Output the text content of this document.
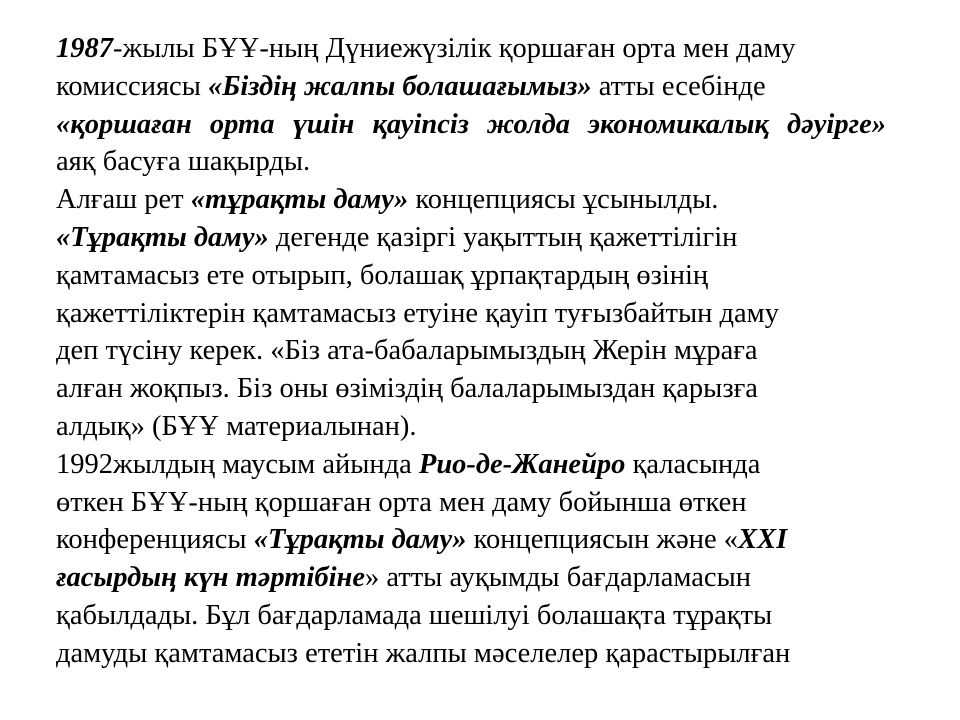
1987-жылы БҰҰ-ның Дүниежүзілік қоршаған орта мен даму
комиссиясы «Біздің жалпы болашағымыз» атты есебінде
«қоршаған орта үшін қауіпсіз жолда экономикалық дәуірге»
аяқ басуға шақырды.
Алғаш рет «тұрақты даму» концепциясы ұсынылды.
«Тұрақты даму» дегенде қазіргі уақыттың қажеттілігін
қамтамасыз ете отырып, болашақ ұрпақтардың өзінің
қажеттіліктерін қамтамасыз етуіне қауіп туғызбайтын даму
деп түсіну керек. «Біз ата-бабаларымыздың Жерін мұраға
алған жоқпыз. Біз оны өзіміздің балаларымыздан қарызға
алдық» (БҰҰ материалынан).
1992жылдың маусым айында Рио-де-Жанейро қаласында
өткен БҰҰ-ның қоршаған орта мен даму бойынша өткен
конференциясы «Тұрақты даму» концепциясын және «XXI
ғасырдың күн тәртібіне» атты ауқымды бағдарламасын
қабылдады. Бұл бағдарламада шешілуі болашақта тұрақты
дамуды қамтамасыз ететін жалпы мәселелер қарастырылған
